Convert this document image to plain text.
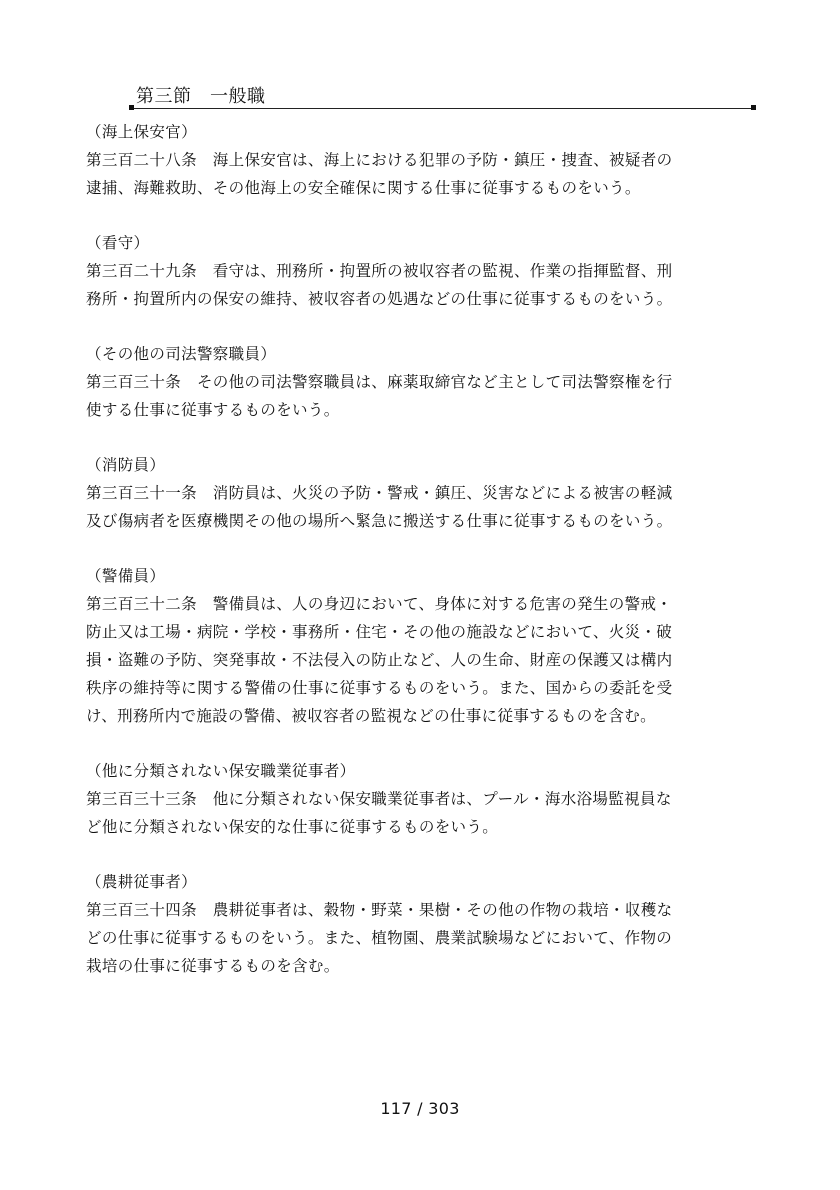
第三節　一般職
（海上保安官）
第三百二十八条　海上保安官は、海上における犯罪の予防・鎮圧・捜査、被疑者の
逮捕、海難救助、その他海上の安全確保に関する仕事に従事するものをいう。
（看守）
第三百二十九条　看守は、刑務所・拘置所の被収容者の監視、作業の指揮監督、刑
務所・拘置所内の保安の維持、被収容者の処遇などの仕事に従事するものをいう。
（その他の司法警察職員）
第三百三十条　その他の司法警察職員は、麻薬取締官など主として司法警察権を行
使する仕事に従事するものをいう。
（消防員）
第三百三十一条　消防員は、火災の予防・警戒・鎮圧、災害などによる被害の軽減
及び傷病者を医療機関その他の場所へ緊急に搬送する仕事に従事するものをいう。
（警備員）
第三百三十二条　警備員は、人の身辺において、身体に対する危害の発生の警戒・
防止又は工場・病院・学校・事務所・住宅・その他の施設などにおいて、火災・破
損・盗難の予防、突発事故・不法侵入の防止など、人の生命、財産の保護又は構内
秩序の維持等に関する警備の仕事に従事するものをいう。また、国からの委託を受
け、刑務所内で施設の警備、被収容者の監視などの仕事に従事するものを含む。
（他に分類されない保安職業従事者）
第三百三十三条　他に分類されない保安職業従事者は、プール・海水浴場監視員な
ど他に分類されない保安的な仕事に従事するものをいう。
（農耕従事者）
第三百三十四条　農耕従事者は、穀物・野菜・果樹・その他の作物の栽培・収穫な
どの仕事に従事するものをいう。また、植物園、農業試験場などにおいて、作物の
栽培の仕事に従事するものを含む。
117 / 303
